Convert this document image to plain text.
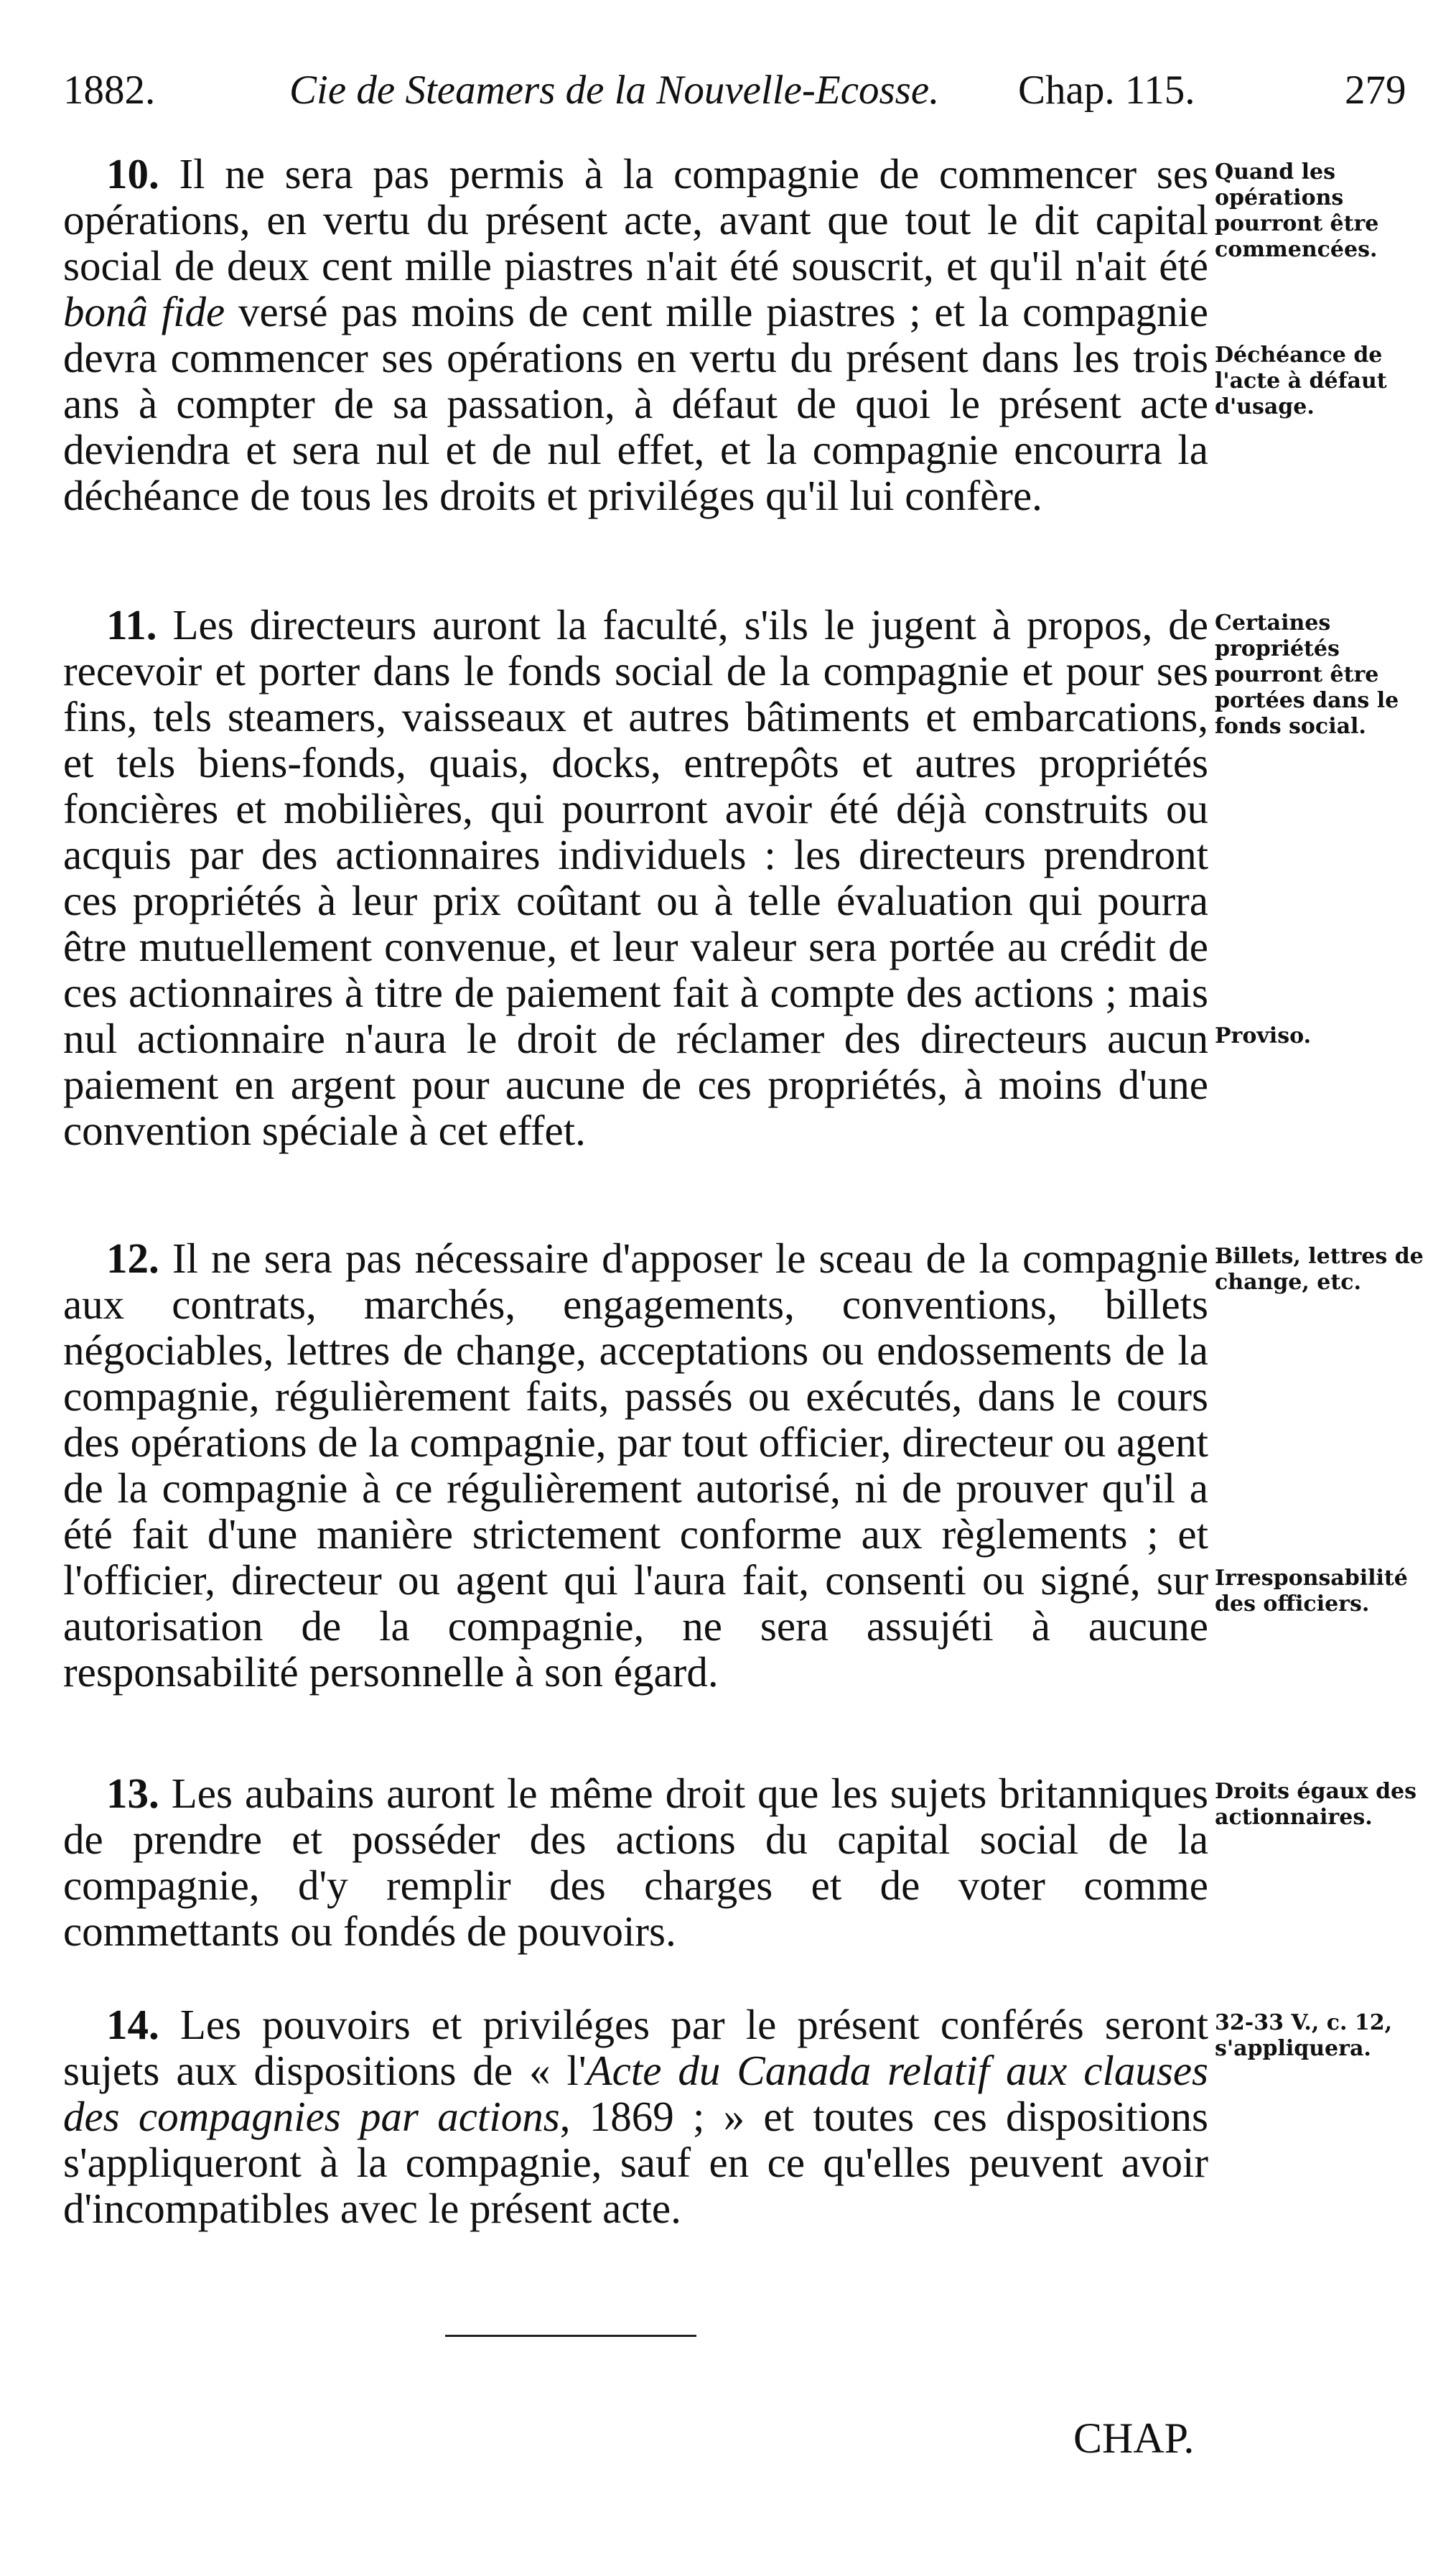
1882.	Cie de Steamers de la Nouvelle-Ecosse. Chap. 115.	279

10. Il ne sera pas permis à la compagnie de commencer ses opérations, en vertu du présent acte, avant que tout le dit capital social de deux cent mille piastres n'ait été souscrit, et qu'il n'ait été bonâ fide versé pas moins de cent mille piastres ; et la compagnie devra commencer ses opérations en vertu du présent dans les trois ans à compter de sa passation, à défaut de quoi le présent acte deviendra et sera nul et de nul effet, et la compagnie encourra la déchéance de tous les droits et priviléges qu'il lui confère.

Quand les opérations pourront être commencées.
Déchéance de l'acte à défaut d'usage.

11. Les directeurs auront la faculté, s'ils le jugent à propos, de recevoir et porter dans le fonds social de la compagnie et pour ses fins, tels steamers, vaisseaux et autres bâtiments et embarcations, et tels biens-fonds, quais, docks, entrepôts et autres propriétés foncières et mobilières, qui pourront avoir été déjà construits ou acquis par des actionnaires individuels : les directeurs prendront ces propriétés à leur prix coûtant ou à telle évaluation qui pourra être mutuellement convenue, et leur valeur sera portée au crédit de ces actionnaires à titre de paiement fait à compte des actions ; mais nul actionnaire n'aura le droit de réclamer des directeurs aucun paiement en argent pour aucune de ces propriétés, à moins d'une convention spéciale à cet effet.

Certaines propriétés pourront être portées dans le fonds social.
Proviso.

12. Il ne sera pas nécessaire d'apposer le sceau de la compagnie aux contrats, marchés, engagements, conventions, billets négociables, lettres de change, acceptations ou endossements de la compagnie, régulièrement faits, passés ou exécutés, dans le cours des opérations de la compagnie, par tout officier, directeur ou agent de la compagnie à ce régulièrement autorisé, ni de prouver qu'il a été fait d'une manière strictement conforme aux règlements ; et l'officier, directeur ou agent qui l'aura fait, consenti ou signé, sur autorisation de la compagnie, ne sera assujéti à aucune responsabilité personnelle à son égard.

Billets, lettres de change, etc.
Irresponsabilité des officiers.

13. Les aubains auront le même droit que les sujets britanniques de prendre et posséder des actions du capital social de la compagnie, d'y remplir des charges et de voter comme commettants ou fondés de pouvoirs.

Droits égaux des actionnaires.

14. Les pouvoirs et priviléges par le présent conférés seront sujets aux dispositions de « l'Acte du Canada relatif aux clauses des compagnies par actions, 1869 ; » et toutes ces dispositions s'appliqueront à la compagnie, sauf en ce qu'elles peuvent avoir d'incompatibles avec le présent acte.

32-33 V., c. 12, s'appliquera.
CHAP.
